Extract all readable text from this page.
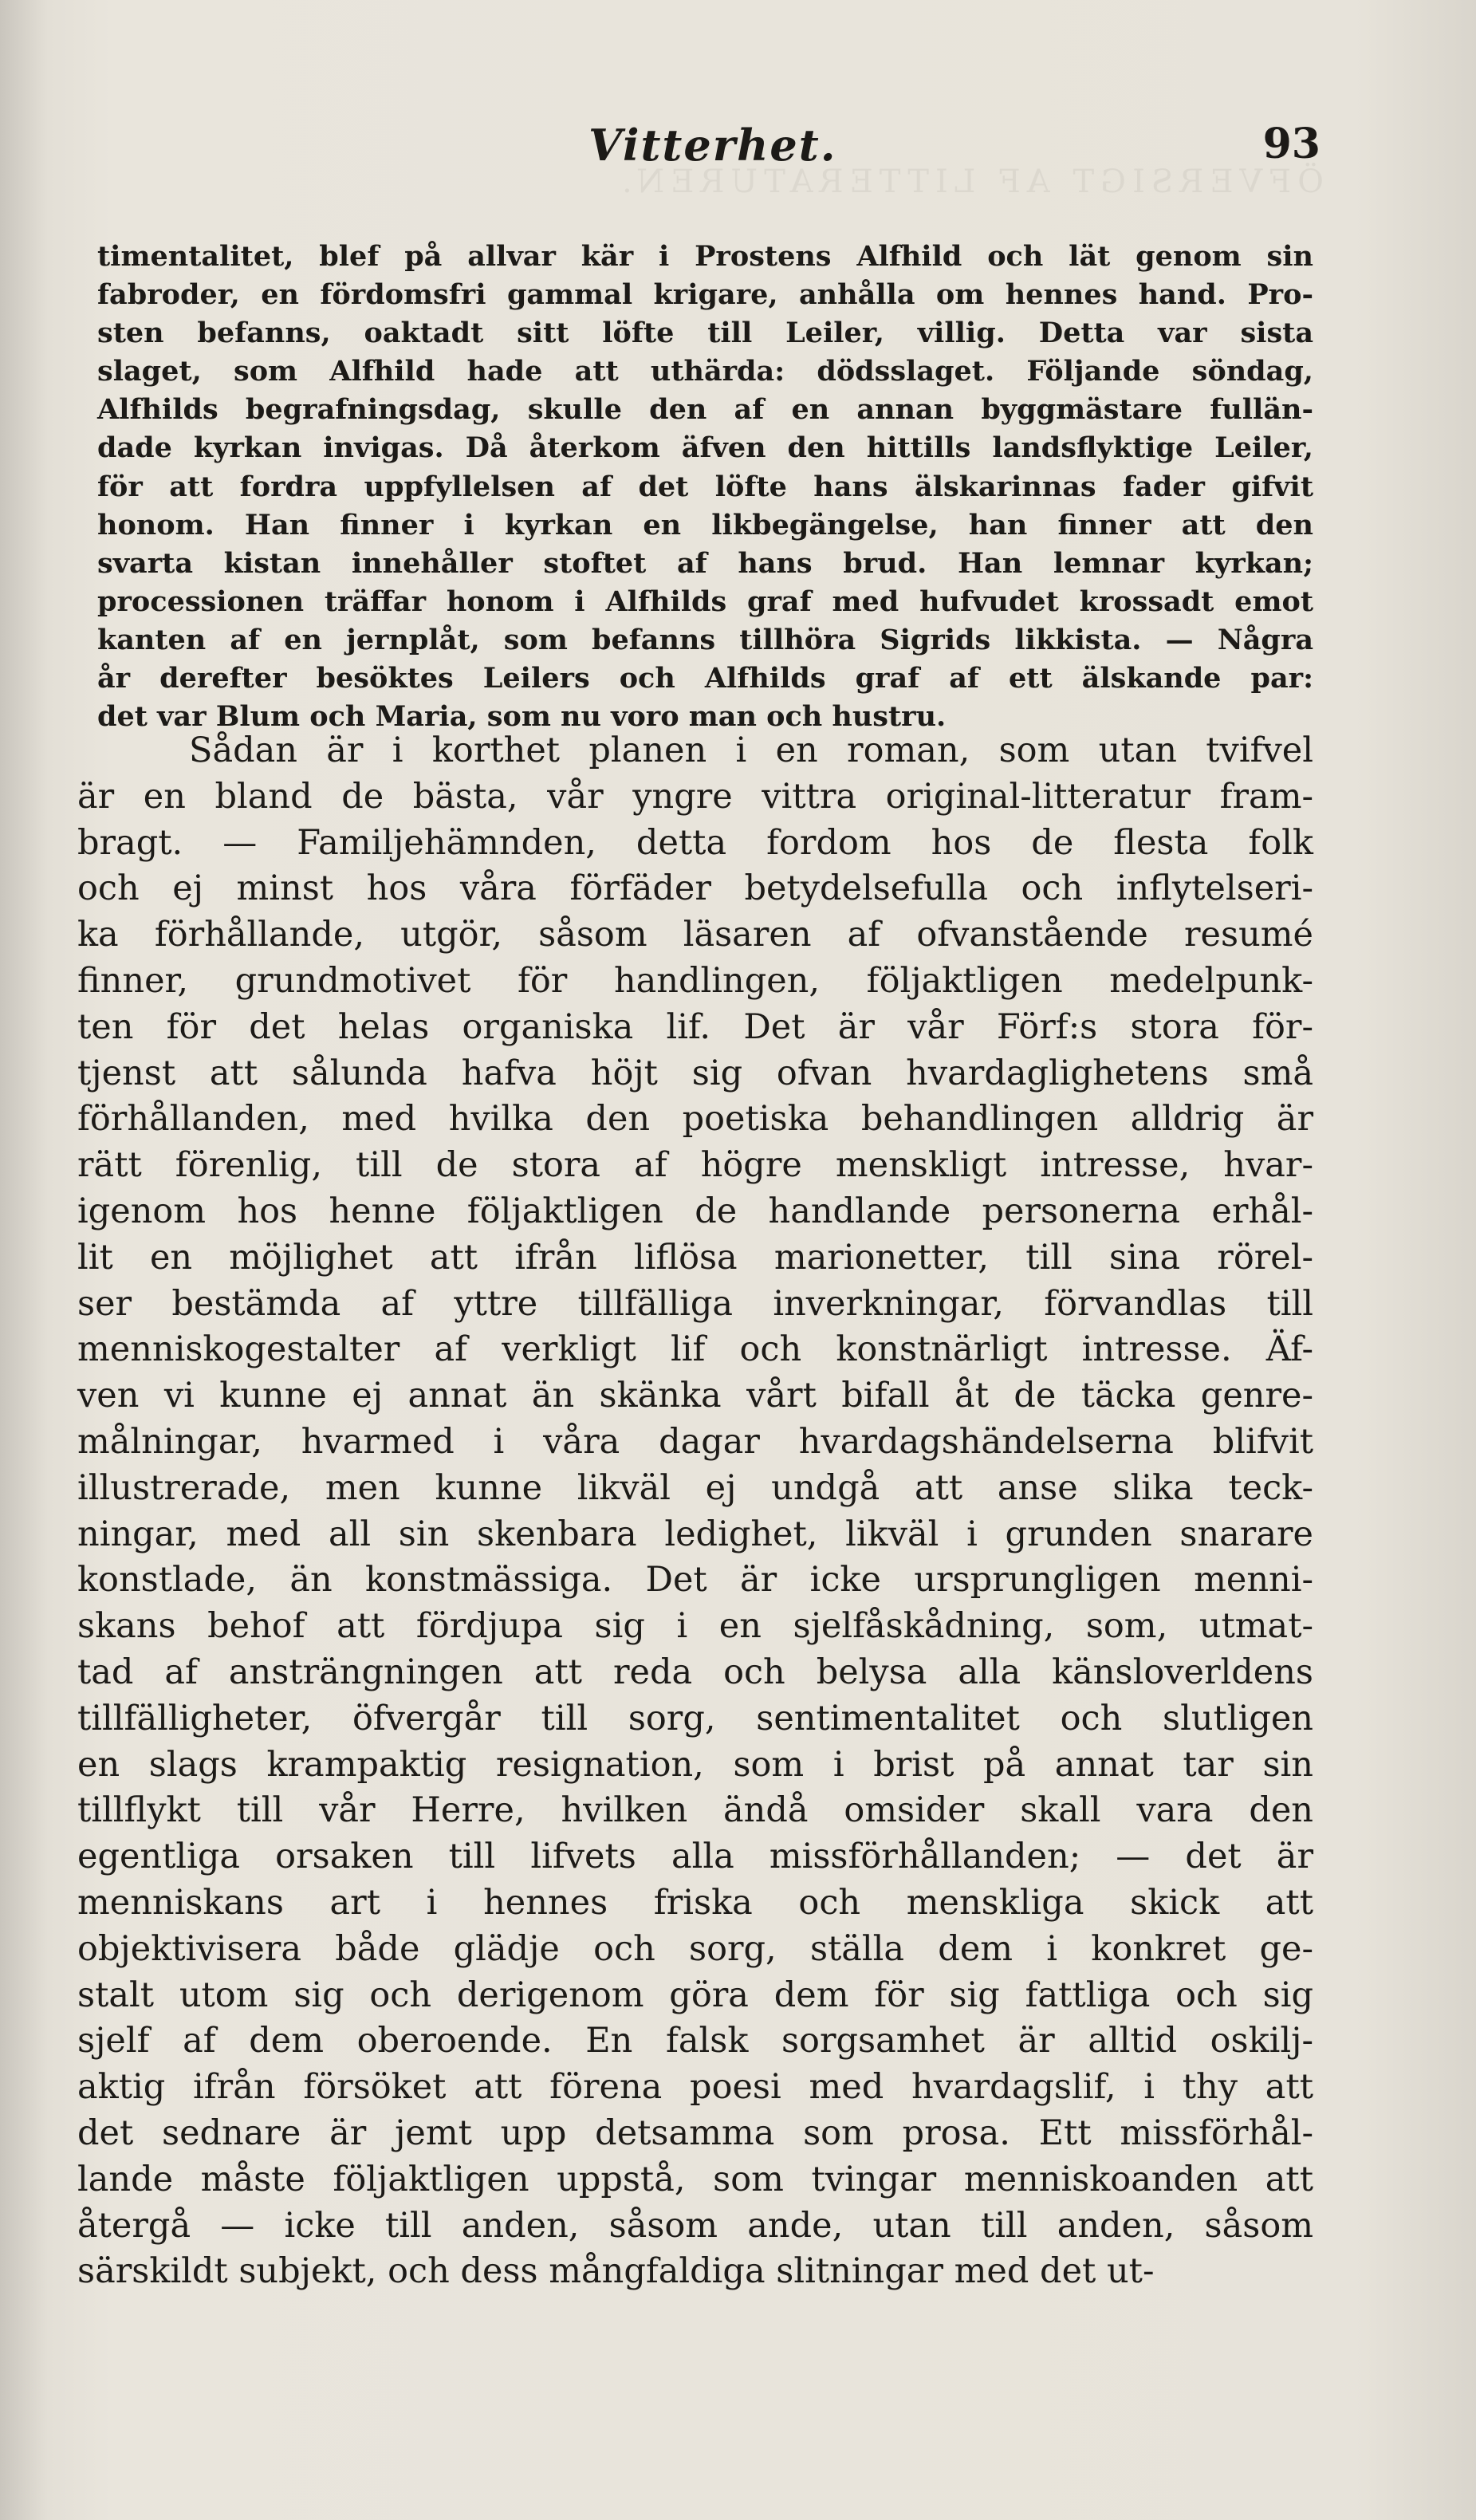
ÖFVERSIGT AF LITTERATUREN.
Vitterhet.	93
timentalitet, blef på allvar kär i Prostens Alfhild och lät genom sin
fabroder, en fördomsfri gammal krigare, anhålla om hennes hand. Pro-
sten befanns, oaktadt sitt löfte till Leiler, villig. Detta var sista
slaget, som Alfhild hade att uthärda: dödsslaget. Följande söndag,
Alfhilds begrafningsdag, skulle den af en annan byggmästare fullän-
dade kyrkan invigas. Då återkom äfven den hittills landsflyktige Leiler,
för att fordra uppfyllelsen af det löfte hans älskarinnas fader gifvit
honom. Han finner i kyrkan en likbegängelse, han finner att den
svarta kistan innehåller stoftet af hans brud. Han lemnar kyrkan;
processionen träffar honom i Alfhilds graf med hufvudet krossadt emot
kanten af en jernplåt, som befanns tillhöra Sigrids likkista. — Några
år derefter besöktes Leilers och Alfhilds graf af ett älskande par:
det var Blum och Maria, som nu voro man och hustru.
Sådan är i korthet planen i en roman, som utan tvifvel
är en bland de bästa, vår yngre vittra original-litteratur fram-
bragt. — Familjehämnden, detta fordom hos de flesta folk
och ej minst hos våra förfäder betydelsefulla och inflytelseri-
ka förhållande, utgör, såsom läsaren af ofvanstående resumé
finner, grundmotivet för handlingen, följaktligen medelpunk-
ten för det helas organiska lif. Det är vår Förf:s stora för-
tjenst att sålunda hafva höjt sig ofvan hvardaglighetens små
förhållanden, med hvilka den poetiska behandlingen alldrig är
rätt förenlig, till de stora af högre menskligt intresse, hvar-
igenom hos henne följaktligen de handlande personerna erhål-
lit en möjlighet att ifrån liflösa marionetter, till sina rörel-
ser bestämda af yttre tillfälliga inverkningar, förvandlas till
menniskogestalter af verkligt lif och konstnärligt intresse. Äf-
ven vi kunne ej annat än skänka vårt bifall åt de täcka genre-
målningar, hvarmed i våra dagar hvardagshändelserna blifvit
illustrerade, men kunne likväl ej undgå att anse slika teck-
ningar, med all sin skenbara ledighet, likväl i grunden snarare
konstlade, än konstmässiga. Det är icke ursprungligen menni-
skans behof att fördjupa sig i en sjelfåskådning, som, utmat-
tad af ansträngningen att reda och belysa alla känsloverldens
tillfälligheter, öfvergår till sorg, sentimentalitet och slutligen
en slags krampaktig resignation, som i brist på annat tar sin
tillflykt till vår Herre, hvilken ändå omsider skall vara den
egentliga orsaken till lifvets alla missförhållanden; — det är
menniskans art i hennes friska och menskliga skick att
objektivisera både glädje och sorg, ställa dem i konkret ge-
stalt utom sig och derigenom göra dem för sig fattliga och sig
sjelf af dem oberoende. En falsk sorgsamhet är alltid oskilj-
aktig ifrån försöket att förena poesi med hvardagslif, i thy att
det sednare är jemt upp detsamma som prosa. Ett missförhål-
lande måste följaktligen uppstå, som tvingar menniskoanden att
återgå — icke till anden, såsom ande, utan till anden, såsom
särskildt subjekt, och dess mångfaldiga slitningar med det ut-
